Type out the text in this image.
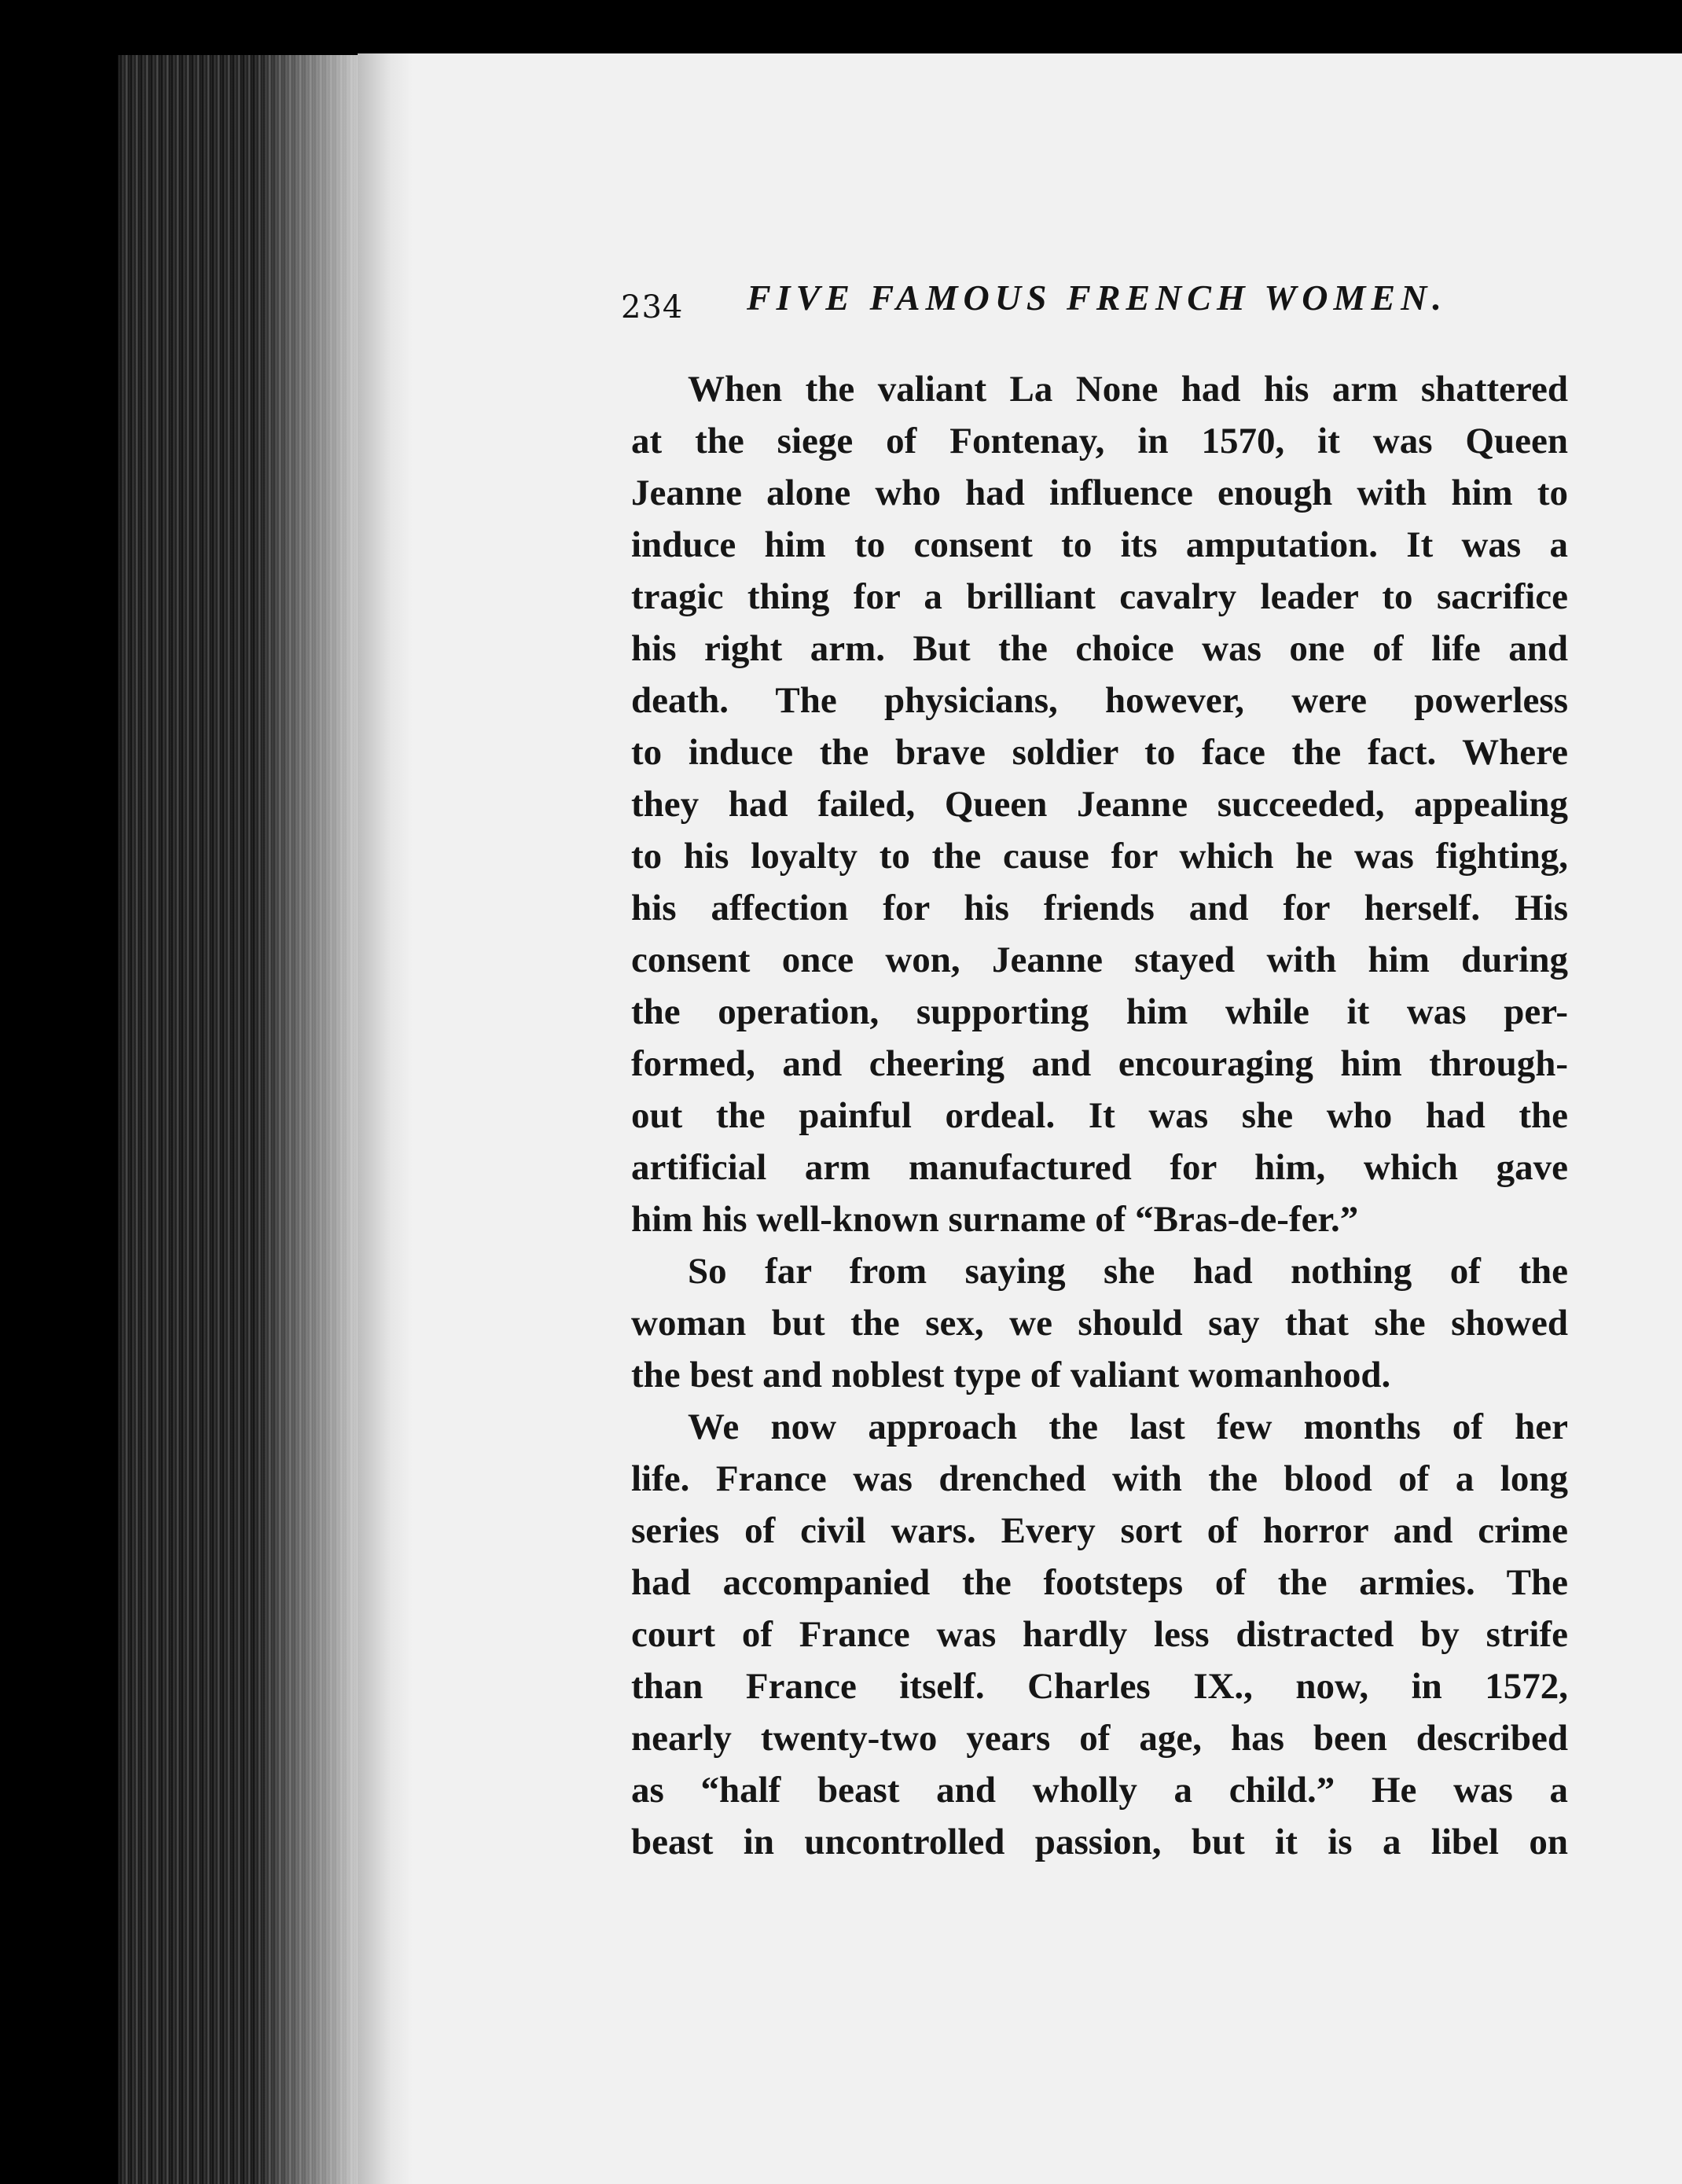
234 FIVE FAMOUS FRENCH WOMEN.
When the valiant La None had his arm shattered
at the siege of Fontenay, in 1570, it was Queen
Jeanne alone who had influence enough with him to
induce him to consent to its amputation. It was a
tragic thing for a brilliant cavalry leader to sacrifice
his right arm. But the choice was one of life and
death. The physicians, however, were powerless
to induce the brave soldier to face the fact. Where
they had failed, Queen Jeanne succeeded, appealing
to his loyalty to the cause for which he was fighting,
his affection for his friends and for herself. His
consent once won, Jeanne stayed with him during
the operation, supporting him while it was per-
formed, and cheering and encouraging him through-
out the painful ordeal. It was she who had the
artificial arm manufactured for him, which gave
him his well-known surname of “Bras-de-fer.”
So far from saying she had nothing of the
woman but the sex, we should say that she showed
the best and noblest type of valiant womanhood.
We now approach the last few months of her
life. France was drenched with the blood of a long
series of civil wars. Every sort of horror and crime
had accompanied the footsteps of the armies. The
court of France was hardly less distracted by strife
than France itself. Charles IX., now, in 1572,
nearly twenty-two years of age, has been described
as “half beast and wholly a child.” He was a
beast in uncontrolled passion, but it is a libel on
